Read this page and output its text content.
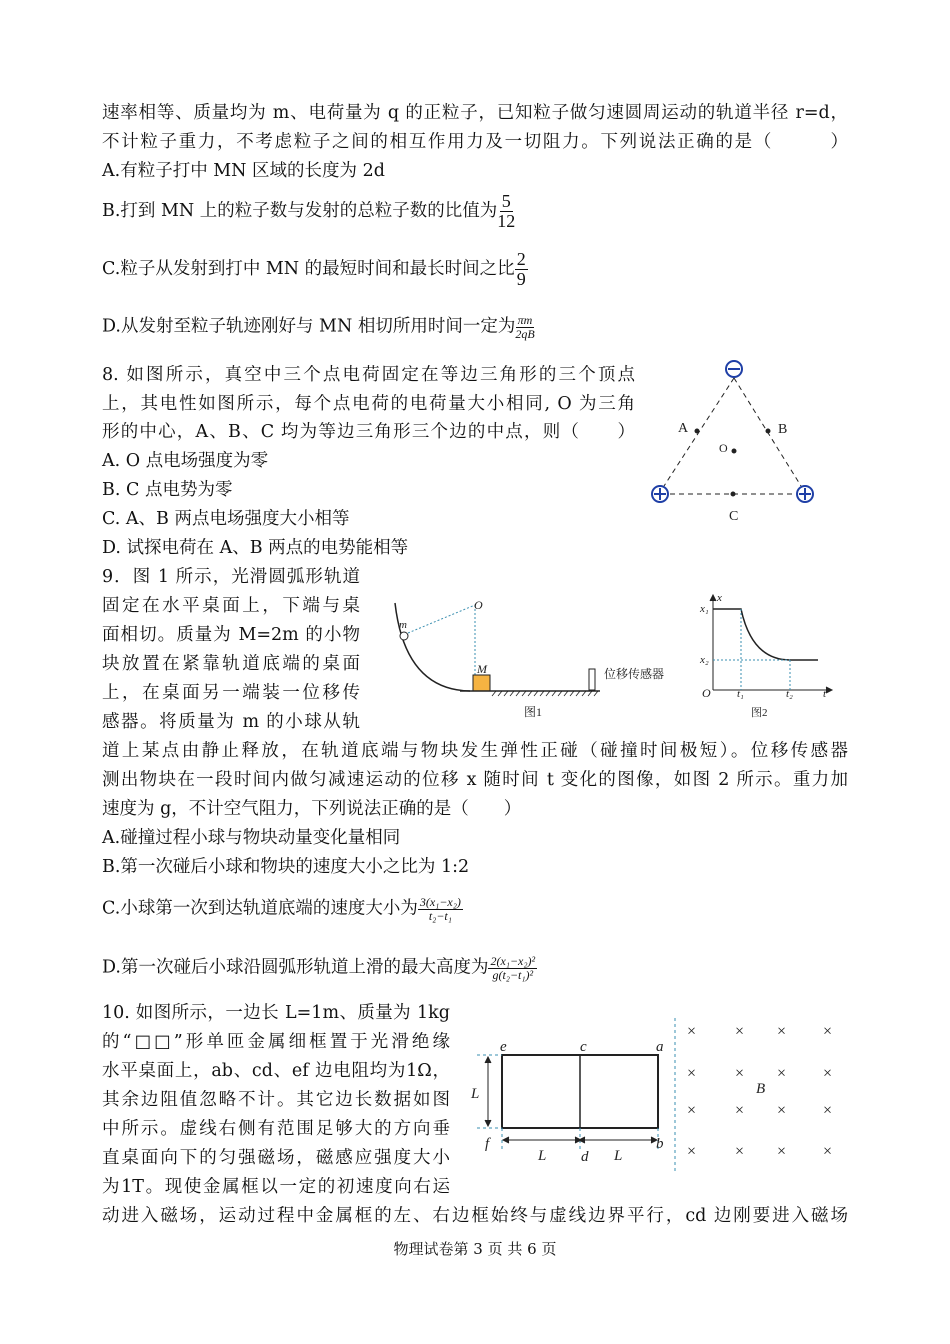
速率相等、质量均为 m、电荷量为 q 的正粒子，已知粒子做匀速圆周运动的轨道半径 r=d，
不计粒子重力，不考虑粒子之间的相互作用力及一切阻力。下列说法正确的是（　　　）
A.有粒子打中 MN 区域的长度为 2d
B.打到 MN 上的粒子数与发射的总粒子数的比值为 $\frac{5}{12}$
C.粒子从发射到打中 MN 的最短时间和最长时间之比 $\frac{2}{9}$
D.从发射至粒子轨迹刚好与 MN 相切所用时间一定为 $\frac{\pi m}{2qB}$
8. 如图所示，真空中三个点电荷固定在等边三角形的三个顶点
上，其电性如图所示，每个点电荷的电荷量大小相同, O 为三角
形的中心，A、B、C 均为等边三角形三个边的中点，则（　　）
A. O 点电场强度为零
B. C 点电势为零
C. A、B 两点电场强度大小相等
D. 试探电荷在 A、B 两点的电势能相等
9．图 1 所示，光滑圆弧形轨道
固定在水平桌面上，下端与桌
面相切。质量为 M=2m 的小物
块放置在紧靠轨道底端的桌面
上，在桌面另一端装一位移传
感器。将质量为 m 的小球从轨
道上某点由静止释放，在轨道底端与物块发生弹性正碰（碰撞时间极短）。位移传感器
测出物块在一段时间内做匀减速运动的位移 x 随时间 t 变化的图像，如图 2 所示。重力加
速度为 g，不计空气阻力，下列说法正确的是（　　）
A.碰撞过程小球与物块动量变化量相同
B.第一次碰后小球和物块的速度大小之比为 1:2
C.小球第一次到达轨道底端的速度大小为 $\frac{\text{3(x₁−x₂)}}{\text{t₂−t₁}}$
D.第一次碰后小球沿圆弧形轨道上滑的最大高度为 $\frac{\text{2(x₁−x₂)²}}{\text{g(t₂−t₁)²}}$
10. 如图所示，一边长 L=1m、质量为 1kg
的“□□”形单匝金属细框置于光滑绝缘
水平桌面上，ab、cd、ef 边电阻均为1Ω，
其余边阻值忽略不计。其它边长数据如图
中所示。虚线右侧有范围足够大的方向垂
直桌面向下的匀强磁场，磁感应强度大小
为1T。现使金属框以一定的初速度向右运
动进入磁场，运动过程中金属框的左、右边框始终与虚线边界平行，cd 边刚要进入磁场
物理试卷第 3 页 共 6 页
A	B
O
C
O
m
M	位移传感器
图1
x
x₁
x₂
O t₁	t₂	t
图2
e	c	a
f
d
b
L
L	L
B
× × × ×
× × × ×
× × × ×
× × × ×
